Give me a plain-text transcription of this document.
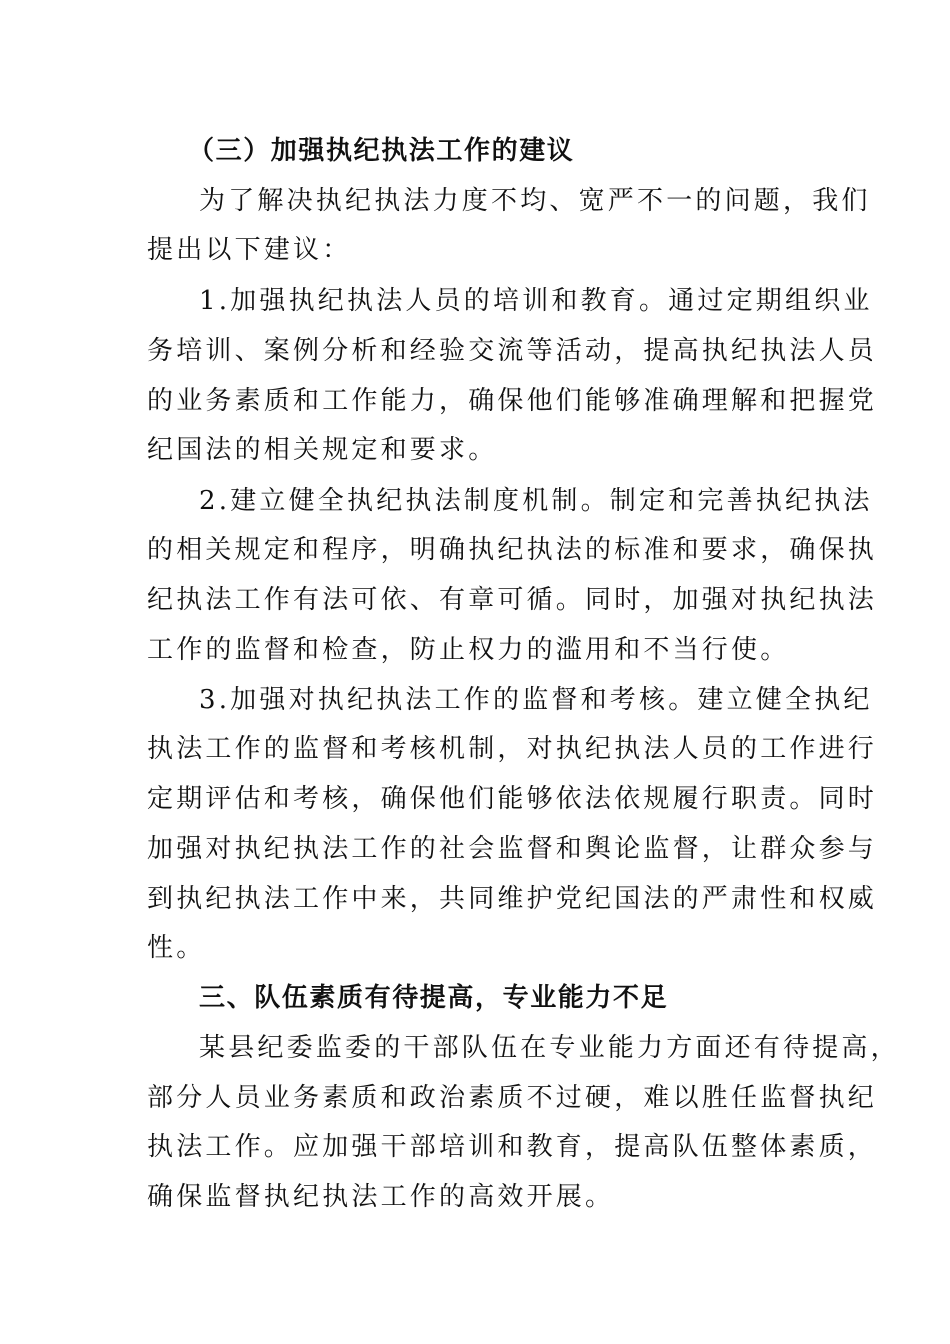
（三）加强执纪执法工作的建议
为了解决执纪执法力度不均、宽严不一的问题，我们
提出以下建议：
1.加强执纪执法人员的培训和教育。通过定期组织业
务培训、案例分析和经验交流等活动，提高执纪执法人员
的业务素质和工作能力，确保他们能够准确理解和把握党
纪国法的相关规定和要求。
2.建立健全执纪执法制度机制。制定和完善执纪执法
的相关规定和程序，明确执纪执法的标准和要求，确保执
纪执法工作有法可依、有章可循。同时，加强对执纪执法
工作的监督和检查，防止权力的滥用和不当行使。
3.加强对执纪执法工作的监督和考核。建立健全执纪
执法工作的监督和考核机制，对执纪执法人员的工作进行
定期评估和考核，确保他们能够依法依规履行职责。同时
加强对执纪执法工作的社会监督和舆论监督，让群众参与
到执纪执法工作中来，共同维护党纪国法的严肃性和权威
性。
三、队伍素质有待提高，专业能力不足
某县纪委监委的干部队伍在专业能力方面还有待提高，
部分人员业务素质和政治素质不过硬，难以胜任监督执纪
执法工作。应加强干部培训和教育，提高队伍整体素质，
确保监督执纪执法工作的高效开展。
